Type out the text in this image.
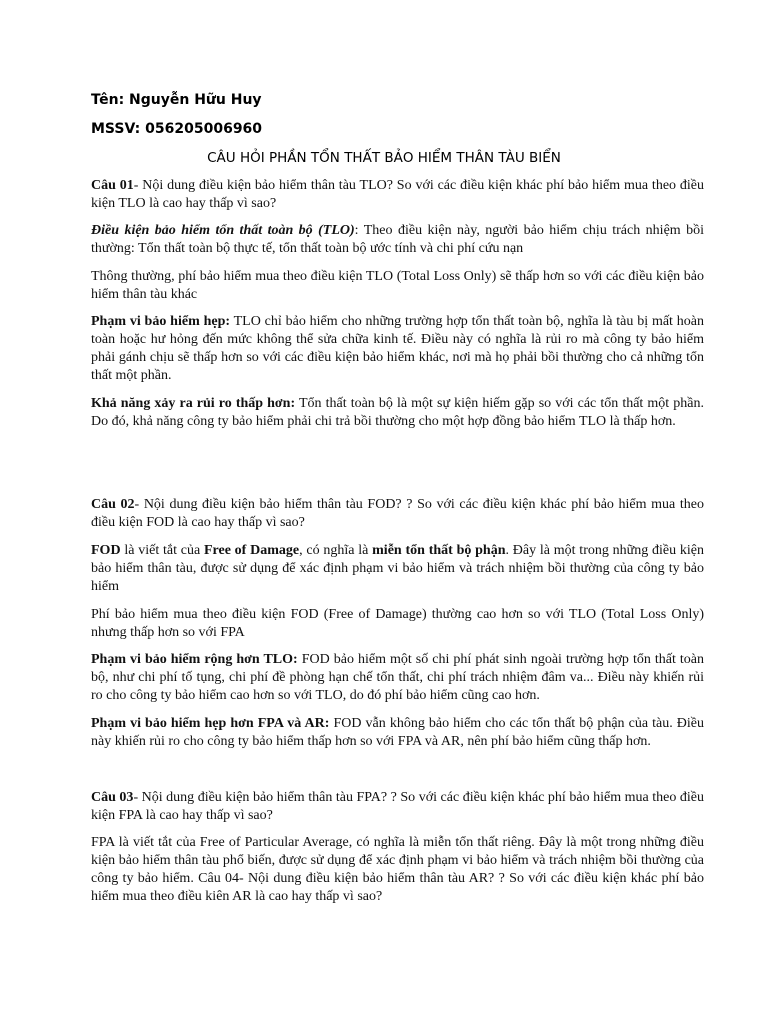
Tên: Nguyễn Hữu Huy
MSSV: 056205006960
CÂU HỎI PHẦN TỔN THẤT BẢO HIỂM THÂN TÀU BIỂN

Câu 01- Nội dung điều kiện bảo hiểm thân tàu TLO? So với các điều kiện khác phí bảo hiểm mua theo điều kiện TLO là cao hay thấp vì sao?

Điều kiện bảo hiểm tổn thất toàn bộ (TLO): Theo điều kiện này, người bảo hiểm chịu trách nhiệm bồi thường: Tổn thất toàn bộ thực tế, tổn thất toàn bộ ước tính và chi phí cứu nạn

Thông thường, phí bảo hiểm mua theo điều kiện TLO (Total Loss Only) sẽ thấp hơn so với các điều kiện bảo hiểm thân tàu khác

Phạm vi bảo hiểm hẹp: TLO chỉ bảo hiểm cho những trường hợp tổn thất toàn bộ, nghĩa là tàu bị mất hoàn toàn hoặc hư hỏng đến mức không thể sửa chữa kinh tế. Điều này có nghĩa là rủi ro mà công ty bảo hiểm phải gánh chịu sẽ thấp hơn so với các điều kiện bảo hiểm khác, nơi mà họ phải bồi thường cho cả những tổn thất một phần.

Khả năng xảy ra rủi ro thấp hơn: Tổn thất toàn bộ là một sự kiện hiếm gặp so với các tổn thất một phần. Do đó, khả năng công ty bảo hiểm phải chi trả bồi thường cho một hợp đồng bảo hiểm TLO là thấp hơn.

Câu 02- Nội dung điều kiện bảo hiểm thân tàu FOD? ? So với các điều kiện khác phí bảo hiểm mua theo điều kiện FOD là cao hay thấp vì sao?

FOD là viết tắt của Free of Damage, có nghĩa là miễn tổn thất bộ phận. Đây là một trong những điều kiện bảo hiểm thân tàu, được sử dụng để xác định phạm vi bảo hiểm và trách nhiệm bồi thường của công ty bảo hiểm

Phí bảo hiểm mua theo điều kiện FOD (Free of Damage) thường cao hơn so với TLO (Total Loss Only) nhưng thấp hơn so với FPA

Phạm vi bảo hiểm rộng hơn TLO: FOD bảo hiểm một số chi phí phát sinh ngoài trường hợp tổn thất toàn bộ, như chi phí tố tụng, chi phí đề phòng hạn chế tổn thất, chi phí trách nhiệm đâm va... Điều này khiến rủi ro cho công ty bảo hiểm cao hơn so với TLO, do đó phí bảo hiểm cũng cao hơn.

Phạm vi bảo hiểm hẹp hơn FPA và AR: FOD vẫn không bảo hiểm cho các tổn thất bộ phận của tàu. Điều này khiến rủi ro cho công ty bảo hiểm thấp hơn so với FPA và AR, nên phí bảo hiểm cũng thấp hơn.

Câu 03- Nội dung điều kiện bảo hiểm thân tàu FPA? ? So với các điều kiện khác phí bảo hiểm mua theo điều kiện FPA là cao hay thấp vì sao?

FPA là viết tắt của Free of Particular Average, có nghĩa là miễn tổn thất riêng. Đây là một trong những điều kiện bảo hiểm thân tàu phổ biến, được sử dụng để xác định phạm vi bảo hiểm và trách nhiệm bồi thường của công ty bảo hiểm. Câu 04- Nội dung điều kiện bảo hiểm thân tàu AR? ? So với các điều kiện khác phí bảo hiểm mua theo điều kiên AR là cao hay thấp vì sao?
